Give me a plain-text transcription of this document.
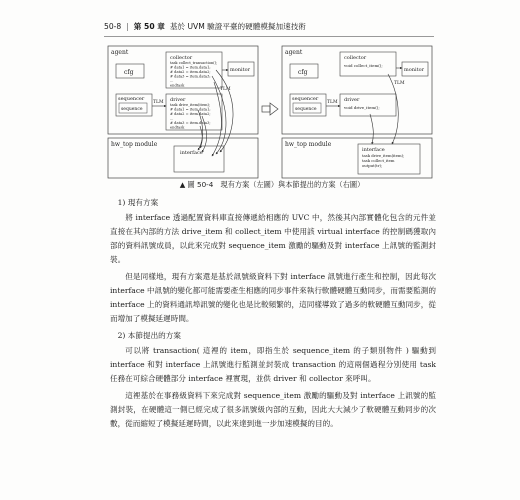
50-8 | 第 50 章 基於 UVM 驗證平臺的硬體模擬加速技術
agent
cfg
collector
task collect_transaction(); # data1 = item.data1; # data2 = item.data2; # data3 = item.data3; ... endtask
monitor
TLM
sequencer
sequence
TLM driver
task drive_item(item); # data1 = item.data1; # data2 = item.data2; ... # data3 = item.data3; endtask
hw_top module
interface
agent
cfg
collector
void collect_item();
monitor
TLM
sequencer
sequence
TLM driver
void drive_item();
hw_top module
interface
task drive_item(item); task collect_item output(tr);
▲ 圖 50-4　現有方案（左圖）與本節提出的方案（右圖）

1) 現有方案

將 interface 透過配置資料庫直接傳遞給相應的 UVC 中，然後其內部實體化包含的元件並直接在其內部的方法 drive_item 和 collect_item 中使用該 virtual interface 的控制碼獲取內部的資料訊號成員，以此來完成對 sequence_item 激勵的驅動及對 interface 上訊號的監測封裝。

但是同樣地，現有方案還是基於訊號級資料下對 interface 訊號進行產生和控制，因此每次 interface 中訊號的變化都可能需要產生相應的同步事件來執行軟體硬體互動同步，而需要監測的 interface 上的資料通訊埠訊號的變化也是比較頻繁的，這同樣導致了過多的軟硬體互動同步，從而增加了模擬延遲時間。

2) 本節提出的方案

可以將 transaction( 這裡的 item，即指生於 sequence_item 的子類別物件 ) 驅動到 interface 和對 interface 上訊號進行監測並封裝成 transaction 的這兩個過程分別使用 task 任務在可綜合硬體部分 interface 裡實現，並供 driver 和 collector 來呼叫。

這裡基於在事務級資料下來完成對 sequence_item 激勵的驅動及對 interface 上訊號的監測封裝，在硬體這一側已經完成了很多訊號級內部的互動，因此大大減少了軟硬體互動同步的次數，從而縮短了模擬延遲時間，以此來達到進一步加速模擬的目的。
